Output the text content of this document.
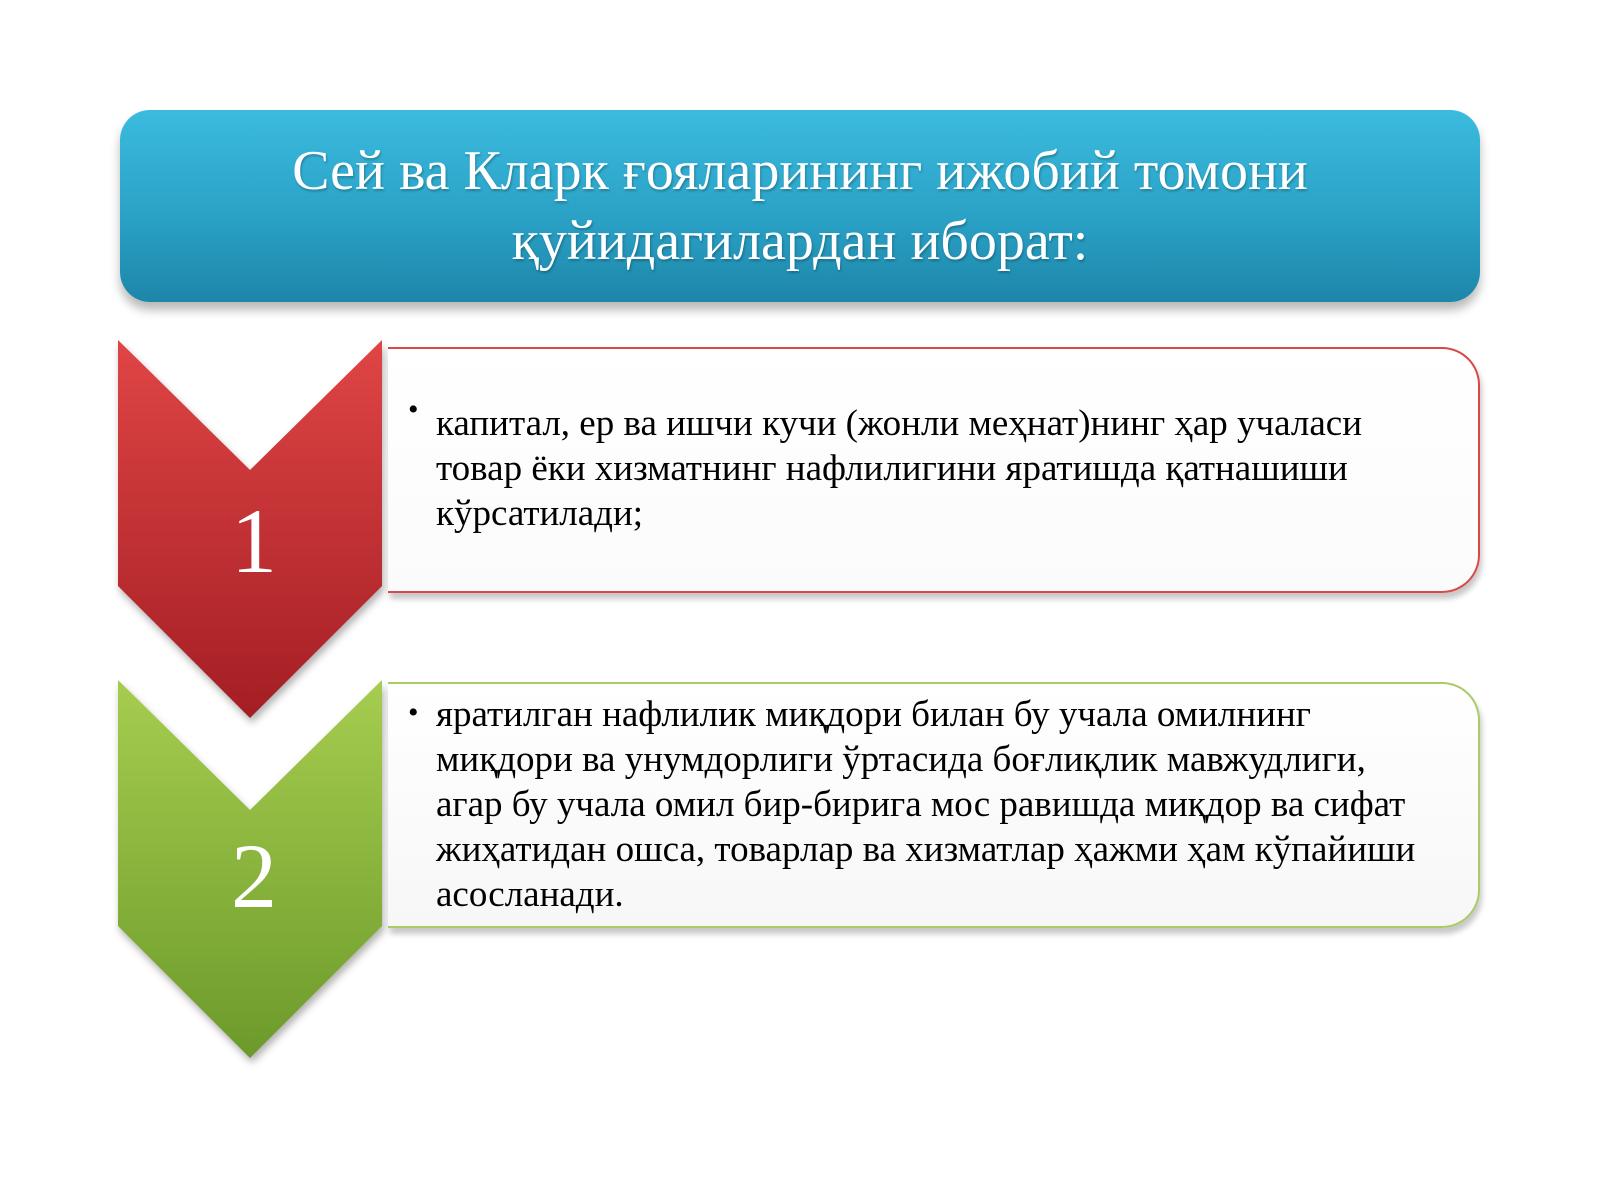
Сей ва Кларк ғояларининг ижобий томони
қуйидагилардан иборат:
1
• капитал, ер ва ишчи кучи (жонли меҳнат)нинг ҳар учаласи товар ёки хизматнинг нафлилигини яратишда қатнашиши кўрсатилади;
2
• яратилган нафлилик миқдори билан бу учала омилнинг миқдори ва унумдорлиги ўртасида боғлиқлик мавжудлиги, агар бу учала омил бир-бирига мос равишда миқдор ва сифат жиҳатидан ошса, товарлар ва хизматлар ҳажми ҳам кўпайиши асосланади.
